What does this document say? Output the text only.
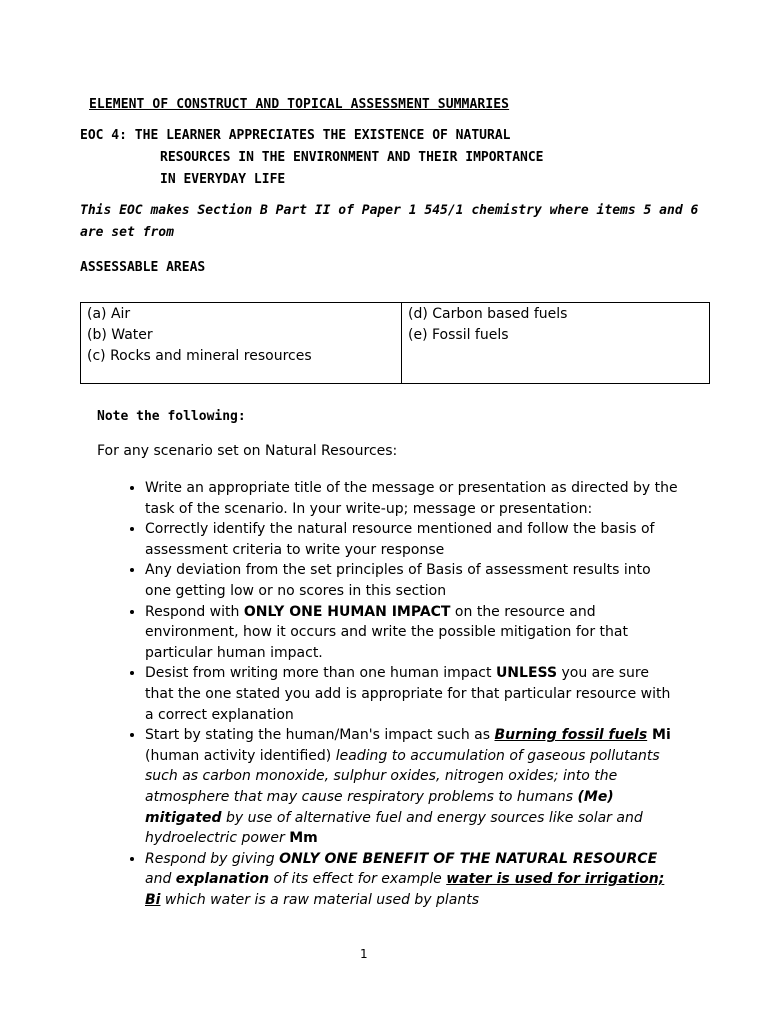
ELEMENT OF CONSTRUCT AND TOPICAL ASSESSMENT SUMMARIES
EOC 4: THE LEARNER APPRECIATES THE EXISTENCE OF NATURAL
RESOURCES IN THE ENVIRONMENT AND THEIR IMPORTANCE
IN EVERYDAY LIFE
This EOC makes Section B Part II of Paper 1 545/1 chemistry where items 5 and 6 are set from
ASSESSABLE AREAS
(a) Air
(b) Water
(c) Rocks and mineral resources

(d) Carbon based fuels
(e) Fossil fuels
Note the following:
For any scenario set on Natural Resources:
• Write an appropriate title of the message or presentation as directed by the task of the scenario. In your write-up; message or presentation:
• Correctly identify the natural resource mentioned and follow the basis of assessment criteria to write your response
• Any deviation from the set principles of Basis of assessment results into one getting low or no scores in this section
• Respond with ONLY ONE HUMAN IMPACT on the resource and environment, how it occurs and write the possible mitigation for that particular human impact.
• Desist from writing more than one human impact UNLESS you are sure that the one stated you add is appropriate for that particular resource with a correct explanation
• Start by stating the human/Man's impact such as Burning fossil fuels Mi (human activity identified) leading to accumulation of gaseous pollutants such as carbon monoxide, sulphur oxides, nitrogen oxides; into the atmosphere that may cause respiratory problems to humans (Me) mitigated by use of alternative fuel and energy sources like solar and hydroelectric power Mm
• Respond by giving ONLY ONE BENEFIT OF THE NATURAL RESOURCE and explanation of its effect for example water is used for irrigation; Bi which water is a raw material used by plants
1
